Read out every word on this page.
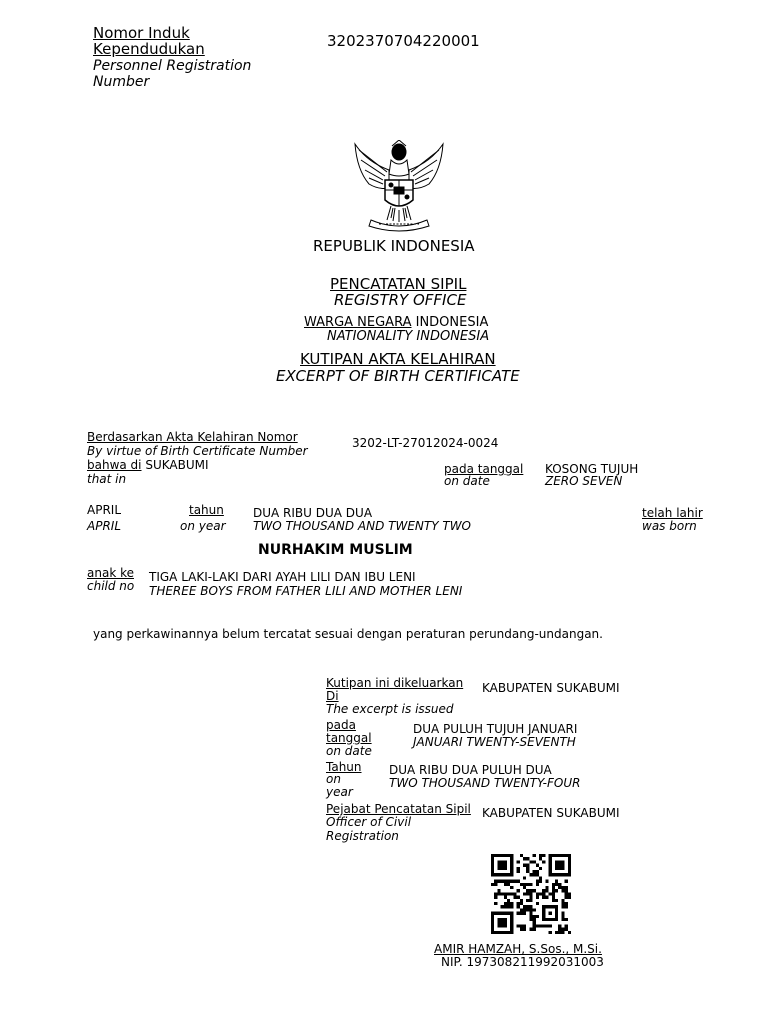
Nomor Induk
Kependudukan
Personnel Registration
Number
3202370704220001
REPUBLIK INDONESIA
PENCATATAN SIPIL
REGISTRY OFFICE
WARGA NEGARA INDONESIA
NATIONALITY INDONESIA
KUTIPAN AKTA KELAHIRAN
EXCERPT OF BIRTH CERTIFICATE
Berdasarkan Akta Kelahiran Nomor
By virtue of Birth Certificate Number
3202-LT-27012024-0024
bahwa di SUKABUMI
that in
pada tanggal
on date
KOSONG TUJUH
ZERO SEVEN
APRIL
APRIL
tahun
on year
DUA RIBU DUA DUA
TWO THOUSAND AND TWENTY TWO
telah lahir
was born
NURHAKIM MUSLIM
anak ke
child no
TIGA LAKI-LAKI DARI AYAH LILI DAN IBU LENI
THEREE BOYS FROM FATHER LILI AND MOTHER LENI
yang perkawinannya belum tercatat sesuai dengan peraturan perundang-undangan.
Kutipan ini dikeluarkan
Di
The excerpt is issued
KABUPATEN SUKABUMI
pada
tanggal
on date
DUA PULUH TUJUH JANUARI
JANUARI TWENTY-SEVENTH
Tahun
on
year
DUA RIBU DUA PULUH DUA
TWO THOUSAND TWENTY-FOUR
Pejabat Pencatatan Sipil
Officer of Civil
Registration
KABUPATEN SUKABUMI
AMIR HAMZAH, S.Sos., M.Si.
NIP. 197308211992031003
